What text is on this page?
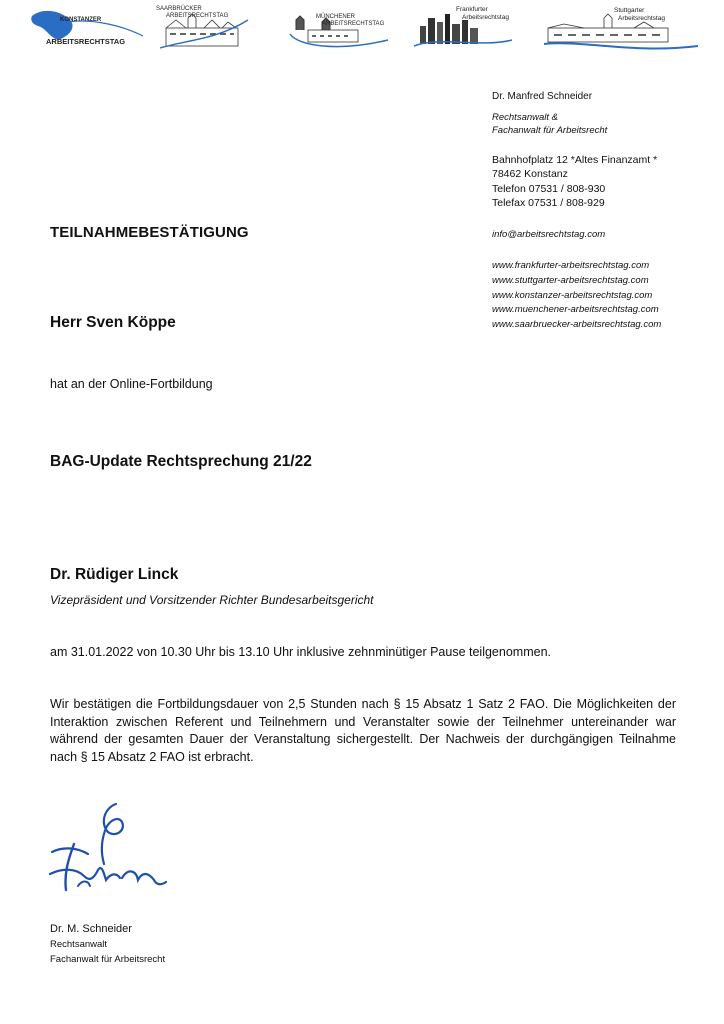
KONSTANZER
ARBEITSRECHTSTAG
SAARBRÜCKER
ARBEITSRECHTSTAG	MÜNCHENER
ARBEITSRECHTSTAG
Frankfurter
Arbeitsrechtstag
Stuttgarter
Arbeitsrechtstag
Dr. Manfred Schneider
Rechtsanwalt &
Fachanwalt für Arbeitsrecht
Bahnhofplatz 12 *Altes Finanzamt *
78462 Konstanz
Telefon 07531 / 808-930
Telefax 07531 / 808-929
info@arbeitsrechtstag.com
www.frankfurter-arbeitsrechtstag.com
www.stuttgarter-arbeitsrechtstag.com
www.konstanzer-arbeitsrechtstag.com
www.muenchener-arbeitsrechtstag.com
www.saarbruecker-arbeitsrechtstag.com
TEILNAHMEBESTÄTIGUNG
Herr Sven Köppe
hat an der Online-Fortbildung
BAG-Update Rechtsprechung 21/22
Dr. Rüdiger Linck
Vizepräsident und Vorsitzender Richter Bundesarbeitsgericht
am 31.01.2022 von 10.30 Uhr bis 13.10 Uhr inklusive zehnminütiger Pause teilgenommen.
Wir bestätigen die Fortbildungsdauer von 2,5 Stunden nach § 15 Absatz 1 Satz 2 FAO. Die Möglichkeiten der Interaktion zwischen Referent und Teilnehmern und Veranstalter sowie der Teilnehmer untereinander war während der gesamten Dauer der Veranstaltung sichergestellt. Der Nachweis der durchgängigen Teilnahme nach § 15 Absatz 2 FAO ist erbracht.
Dr. M. Schneider
Rechtsanwalt
Fachanwalt für Arbeitsrecht
